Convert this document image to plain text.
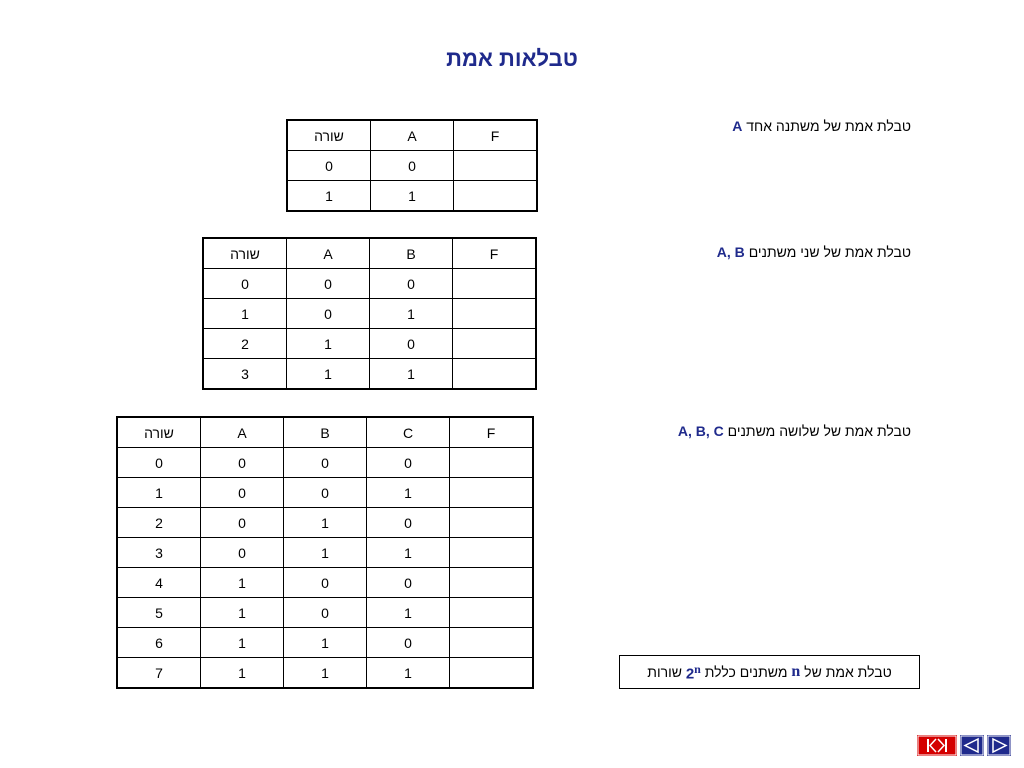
טבלאות אמת
טבלת אמת של משתנה אחד A
טבלת אמת של שני משתנים A, B
טבלת אמת של שלושה משתנים A, B, C
טבלת אמת של

n

משתנים כללת

2$^n$

שורות
שורה	A	F
0	0	
1	1	
שורה	A	B	F
0	0	0	
1	0	1	
2	1	0	
3	1	1	
שורה	A	B	C	F
0	0	0	0	
1	0	0	1	
2	0	1	0	
3	0	1	1	
4	1	0	0	
5	1	0	1	
6	1	1	0	
7	1	1	1	
